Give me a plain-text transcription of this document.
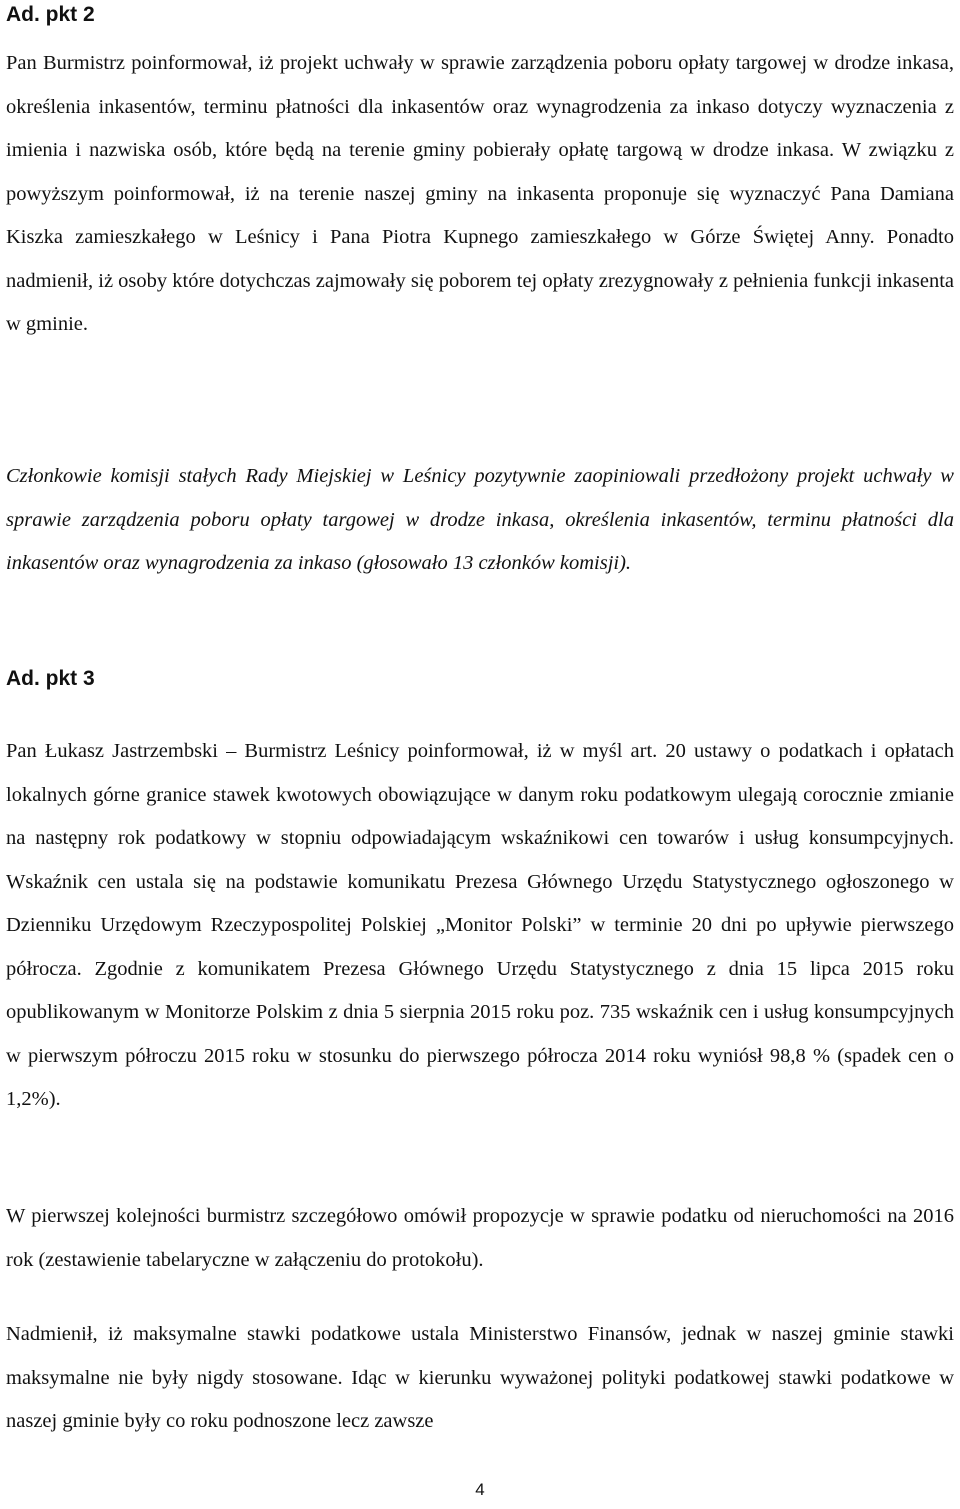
Ad. pkt 2

Pan Burmistrz poinformował, iż projekt uchwały w sprawie zarządzenia poboru opłaty targowej w drodze inkasa, określenia inkasentów, terminu płatności dla inkasentów oraz wynagrodzenia za inkaso dotyczy wyznaczenia z imienia i nazwiska osób, które będą na terenie gminy pobierały opłatę targową w drodze inkasa. W związku z powyższym poinformował, iż na terenie naszej gminy na inkasenta proponuje się wyznaczyć Pana Damiana Kiszka zamieszkałego w Leśnicy i Pana Piotra Kupnego zamieszkałego w Górze Świętej Anny. Ponadto nadmienił, iż osoby które dotychczas zajmowały się poborem tej opłaty zrezygnowały z pełnienia funkcji inkasenta w gminie.

Członkowie komisji stałych Rady Miejskiej w Leśnicy pozytywnie zaopiniowali przedłożony projekt uchwały w sprawie zarządzenia poboru opłaty targowej w drodze inkasa, określenia inkasentów, terminu płatności dla inkasentów oraz wynagrodzenia za inkaso (głosowało 13 członków komisji).

Ad. pkt 3

Pan Łukasz Jastrzembski – Burmistrz Leśnicy poinformował, iż w myśl art. 20 ustawy o podatkach i opłatach lokalnych górne granice stawek kwotowych obowiązujące w danym roku podatkowym ulegają corocznie zmianie na następny rok podatkowy w stopniu odpowiadającym wskaźnikowi cen towarów i usług konsumpcyjnych. Wskaźnik cen ustala się na podstawie komunikatu Prezesa Głównego Urzędu Statystycznego ogłoszonego w Dzienniku Urzędowym Rzeczypospolitej Polskiej „Monitor Polski” w terminie 20 dni po upływie pierwszego półrocza. Zgodnie z komunikatem Prezesa Głównego Urzędu Statystycznego z dnia 15 lipca 2015 roku opublikowanym w Monitorze Polskim z dnia 5 sierpnia 2015 roku poz. 735 wskaźnik cen i usług konsumpcyjnych w pierwszym półroczu 2015 roku w stosunku do pierwszego półrocza 2014 roku wyniósł 98,8 % (spadek cen o 1,2%).

W pierwszej kolejności burmistrz szczegółowo omówił propozycje w sprawie podatku od nieruchomości na 2016 rok (zestawienie tabelaryczne w załączeniu do protokołu).

Nadmienił, iż maksymalne stawki podatkowe ustala Ministerstwo Finansów, jednak w naszej gminie stawki maksymalne nie były nigdy stosowane. Idąc w kierunku wyważonej polityki podatkowej stawki podatkowe w naszej gminie były co roku podnoszone lecz zawsze

4
